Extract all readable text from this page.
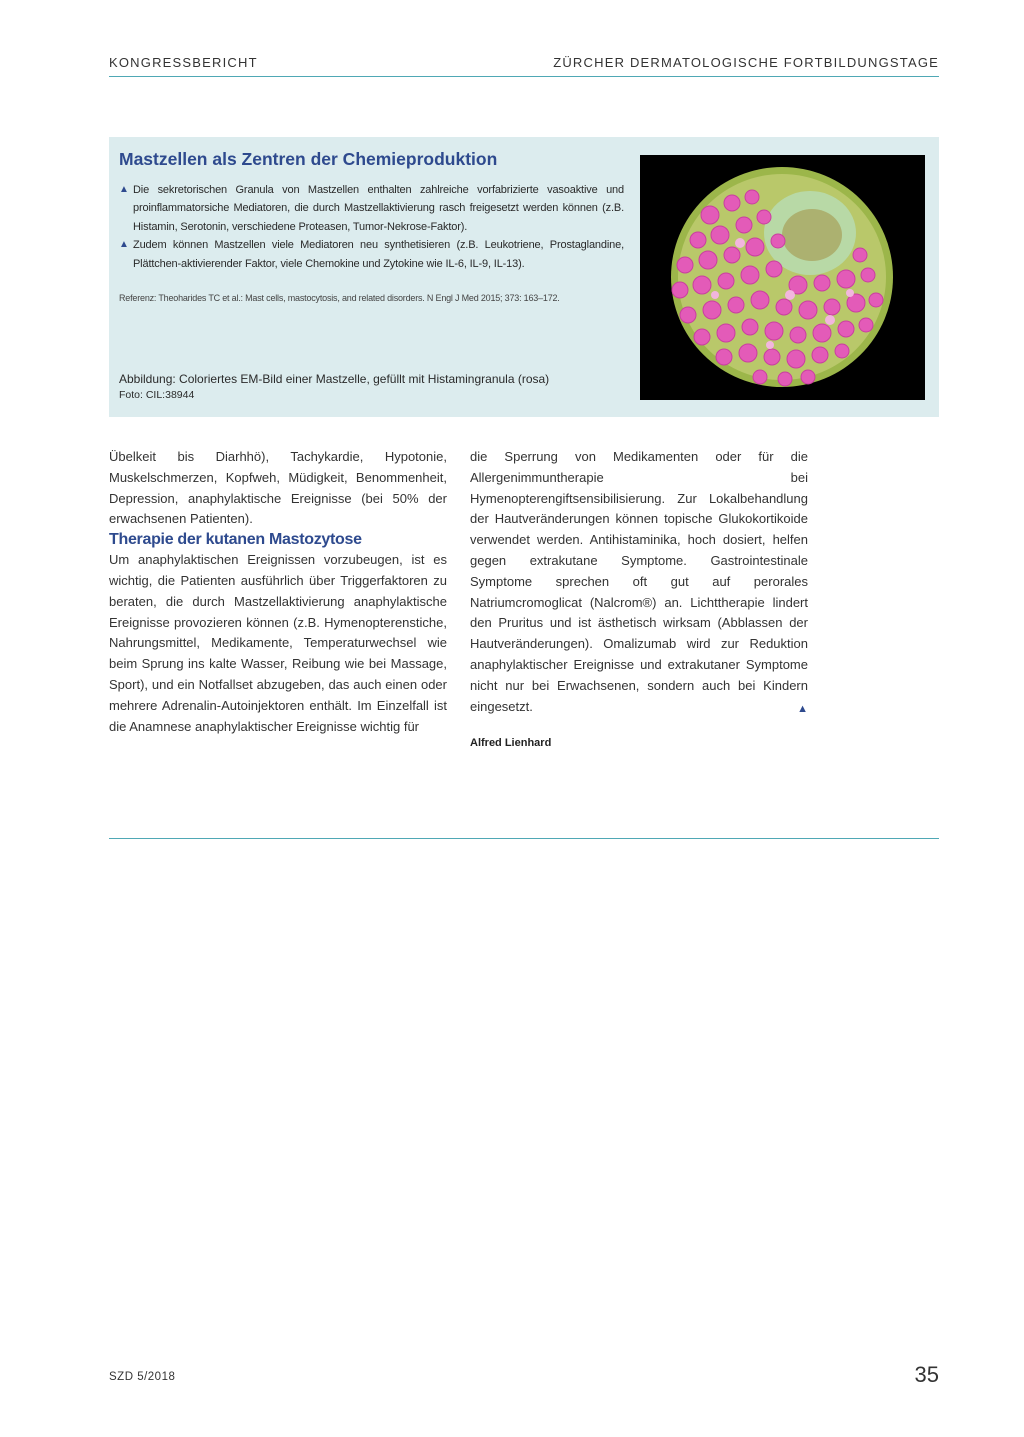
KONGRESSBERICHT	ZÜRCHER DERMATOLOGISCHE FORTBILDUNGSTAGE
Mastzellen als Zentren der Chemieproduktion
▲ Die sekretorischen Granula von Mastzellen enthalten zahlreiche vorfabrizierte vasoaktive und proinflammatorsiche Mediatoren, die durch Mastzellaktivierung rasch freigesetzt werden können (z.B. Histamin, Serotonin, verschiedene Proteasen, Tumor-Nekrose-Faktor).
▲ Zudem können Mastzellen viele Mediatoren neu synthetisieren (z.B. Leukotriene, Prostaglandine, Plättchen-aktivierender Faktor, viele Chemokine und Zytokine wie IL-6, IL-9, IL-13).
Referenz: Theoharides TC et al.: Mast cells, mastocytosis, and related disorders. N Engl J Med 2015; 373: 163–172.
Abbildung: Coloriertes EM-Bild einer Mastzelle, gefüllt mit Histamingranula (rosa)
Foto: CIL:38944

Übelkeit bis Diarhhö), Tachykardie, Hypotonie, Muskelschmerzen, Kopfweh, Müdigkeit, Benommenheit, Depression, anaphylaktische Ereignisse (bei 50% der erwachsenen Patienten).

Therapie der kutanen Mastozytose

Um anaphylaktischen Ereignissen vorzubeugen, ist es wichtig, die Patienten ausführlich über Triggerfaktoren zu beraten, die durch Mastzellaktivierung anaphylaktische Ereignisse provozieren können (z.B. Hymenopterenstiche, Nahrungsmittel, Medikamente, Temperaturwechsel wie beim Sprung ins kalte Wasser, Reibung wie bei Massage, Sport), und ein Notfallset abzugeben, das auch einen oder mehrere Adrenalin-Autoinjektoren enthält. Im Einzelfall ist die Anamnese anaphylaktischer Ereignisse wichtig für

die Sperrung von Medikamenten oder für die Allergenimmuntherapie bei Hymenopterengiftsensibilisierung. Zur Lokalbehandlung der Hautveränderungen können topische Glukokortikoide verwendet werden. Antihistaminika, hoch dosiert, helfen gegen extrakutane Symptome. Gastrointestinale Symptome sprechen oft gut auf perorales Natriumcromoglicat (Nalcrom®) an. Lichttherapie lindert den Pruritus und ist ästhetisch wirksam (Abblassen der Hautveränderungen). Omalizumab wird zur Reduktion anaphylaktischer Ereignisse und extrakutaner Symptome nicht nur bei Erwachsenen, sondern auch bei Kindern eingesetzt.	▲

Alfred Lienhard

SZD 5/2018	35
